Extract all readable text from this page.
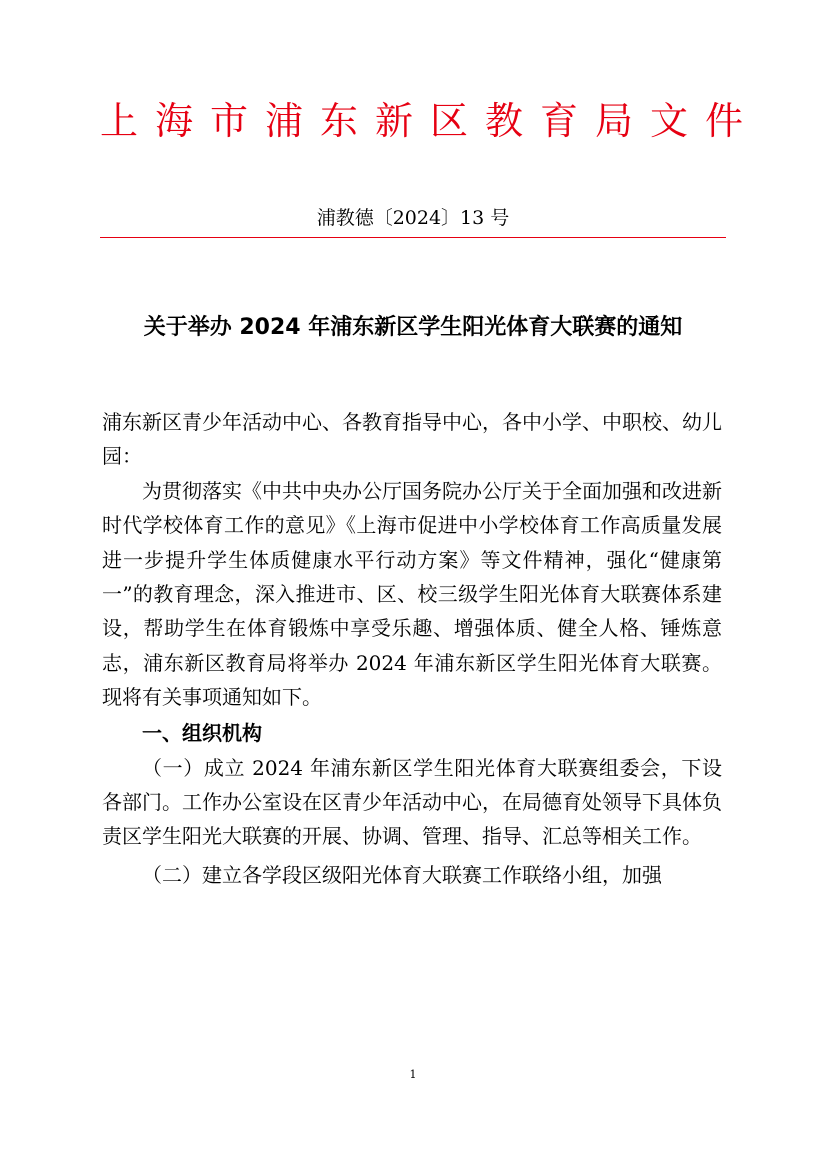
上海市浦东新区教育局文件
浦教德〔2024〕13 号
关于举办 2024 年浦东新区学生阳光体育大联赛的通知

浦东新区青少年活动中心、各教育指导中心，各中小学、中职校、幼儿园：

为贯彻落实《中共中央办公厅国务院办公厅关于全面加强和改进新时代学校体育工作的意见》《上海市促进中小学校体育工作高质量发展 进一步提升学生体质健康水平行动方案》等文件精神，强化“健康第一”的教育理念，深入推进市、区、校三级学生阳光体育大联赛体系建设，帮助学生在体育锻炼中享受乐趣、增强体质、健全人格、锤炼意志，浦东新区教育局将举办 2024 年浦东新区学生阳光体育大联赛。现将有关事项通知如下。

一、组织机构

（一）成立 2024 年浦东新区学生阳光体育大联赛组委会，下设各部门。工作办公室设在区青少年活动中心，在局德育处领导下具体负责区学生阳光大联赛的开展、协调、管理、指导、汇总等相关工作。

（二）建立各学段区级阳光体育大联赛工作联络小组，加强

1
